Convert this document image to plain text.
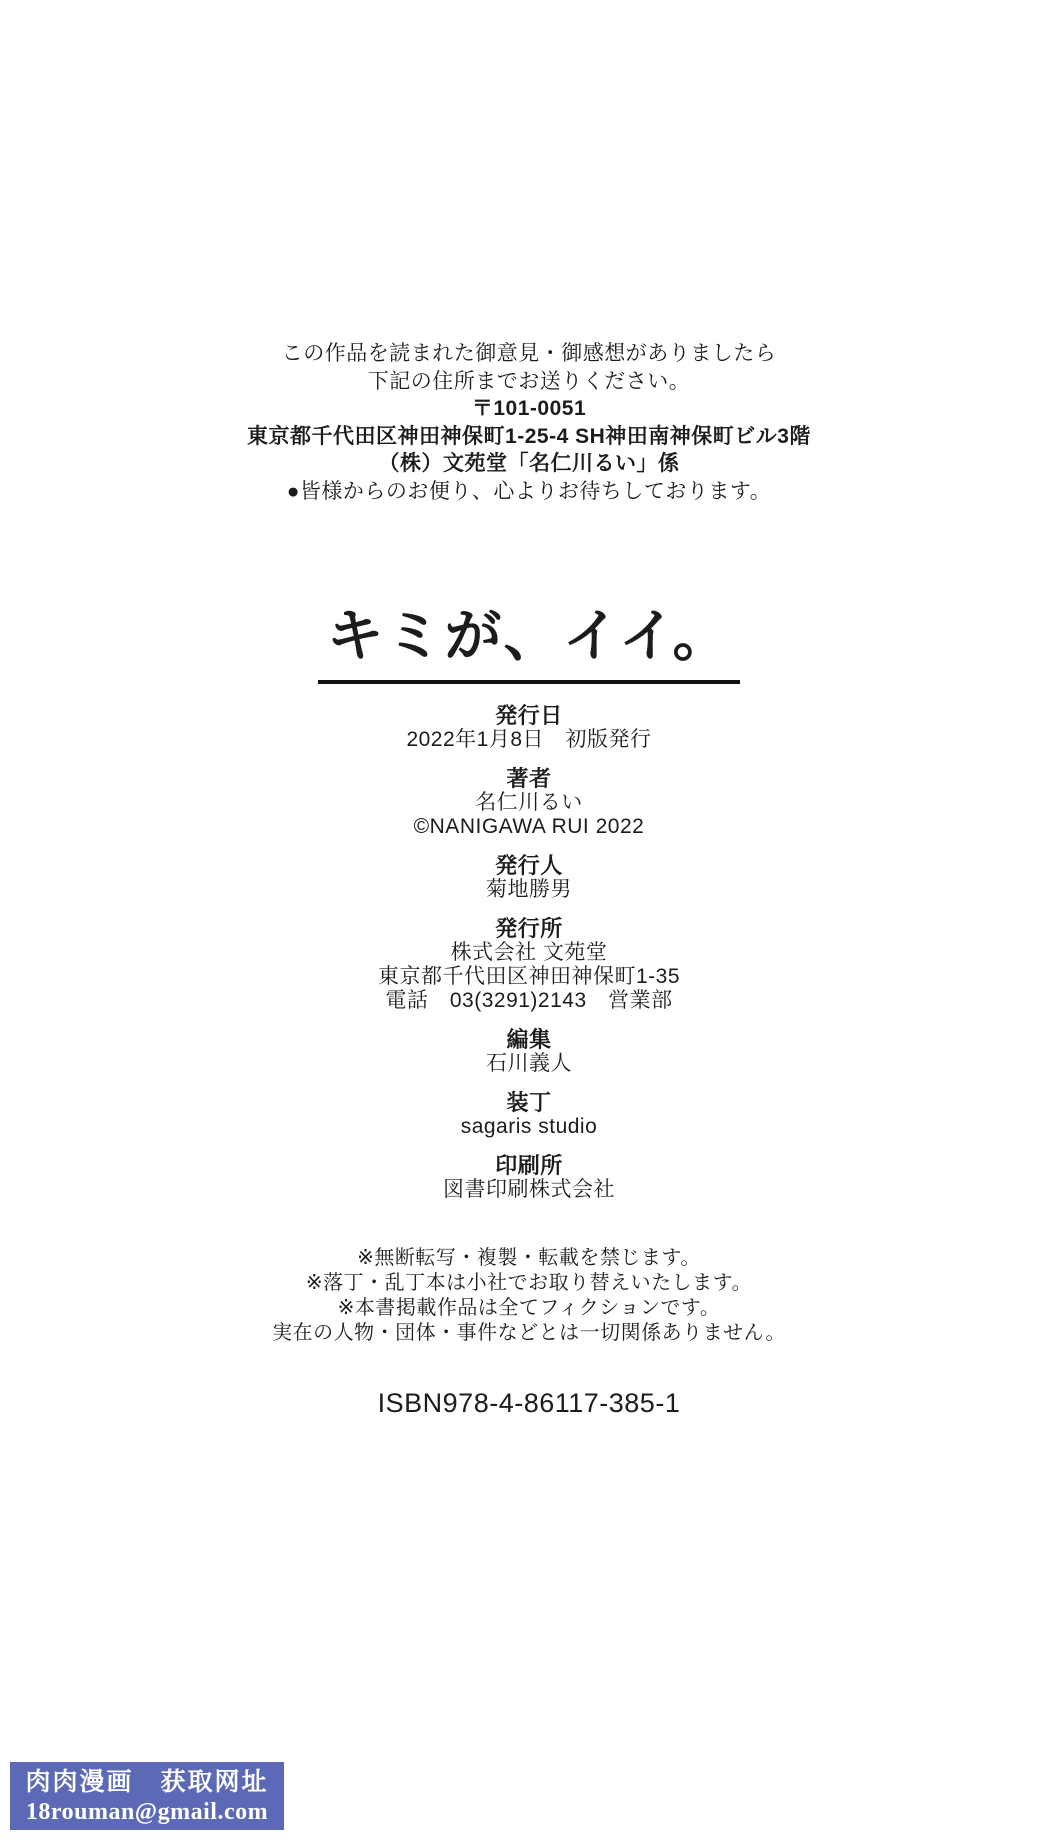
この作品を読まれた御意見・御感想がありましたら
下記の住所までお送りください。
〒101-0051
東京都千代田区神田神保町1-25-4 SH神田南神保町ビル3階
（株）文苑堂「名仁川るい」係
●皆様からのお便り、心よりお待ちしております。
キミが、イイ。
発行日
2022年1月8日　初版発行
著者
名仁川るい
©NANIGAWA RUI 2022
発行人
菊地勝男
発行所
株式会社 文苑堂
東京都千代田区神田神保町1-35
電話　03(3291)2143　営業部
編集
石川義人
装丁
sagaris studio
印刷所
図書印刷株式会社
※無断転写・複製・転載を禁じます。
※落丁・乱丁本は小社でお取り替えいたします。
※本書掲載作品は全てフィクションです。
実在の人物・団体・事件などとは一切関係ありません。
ISBN978-4-86117-385-1
肉肉漫画　获取网址
18rouman@gmail.com
